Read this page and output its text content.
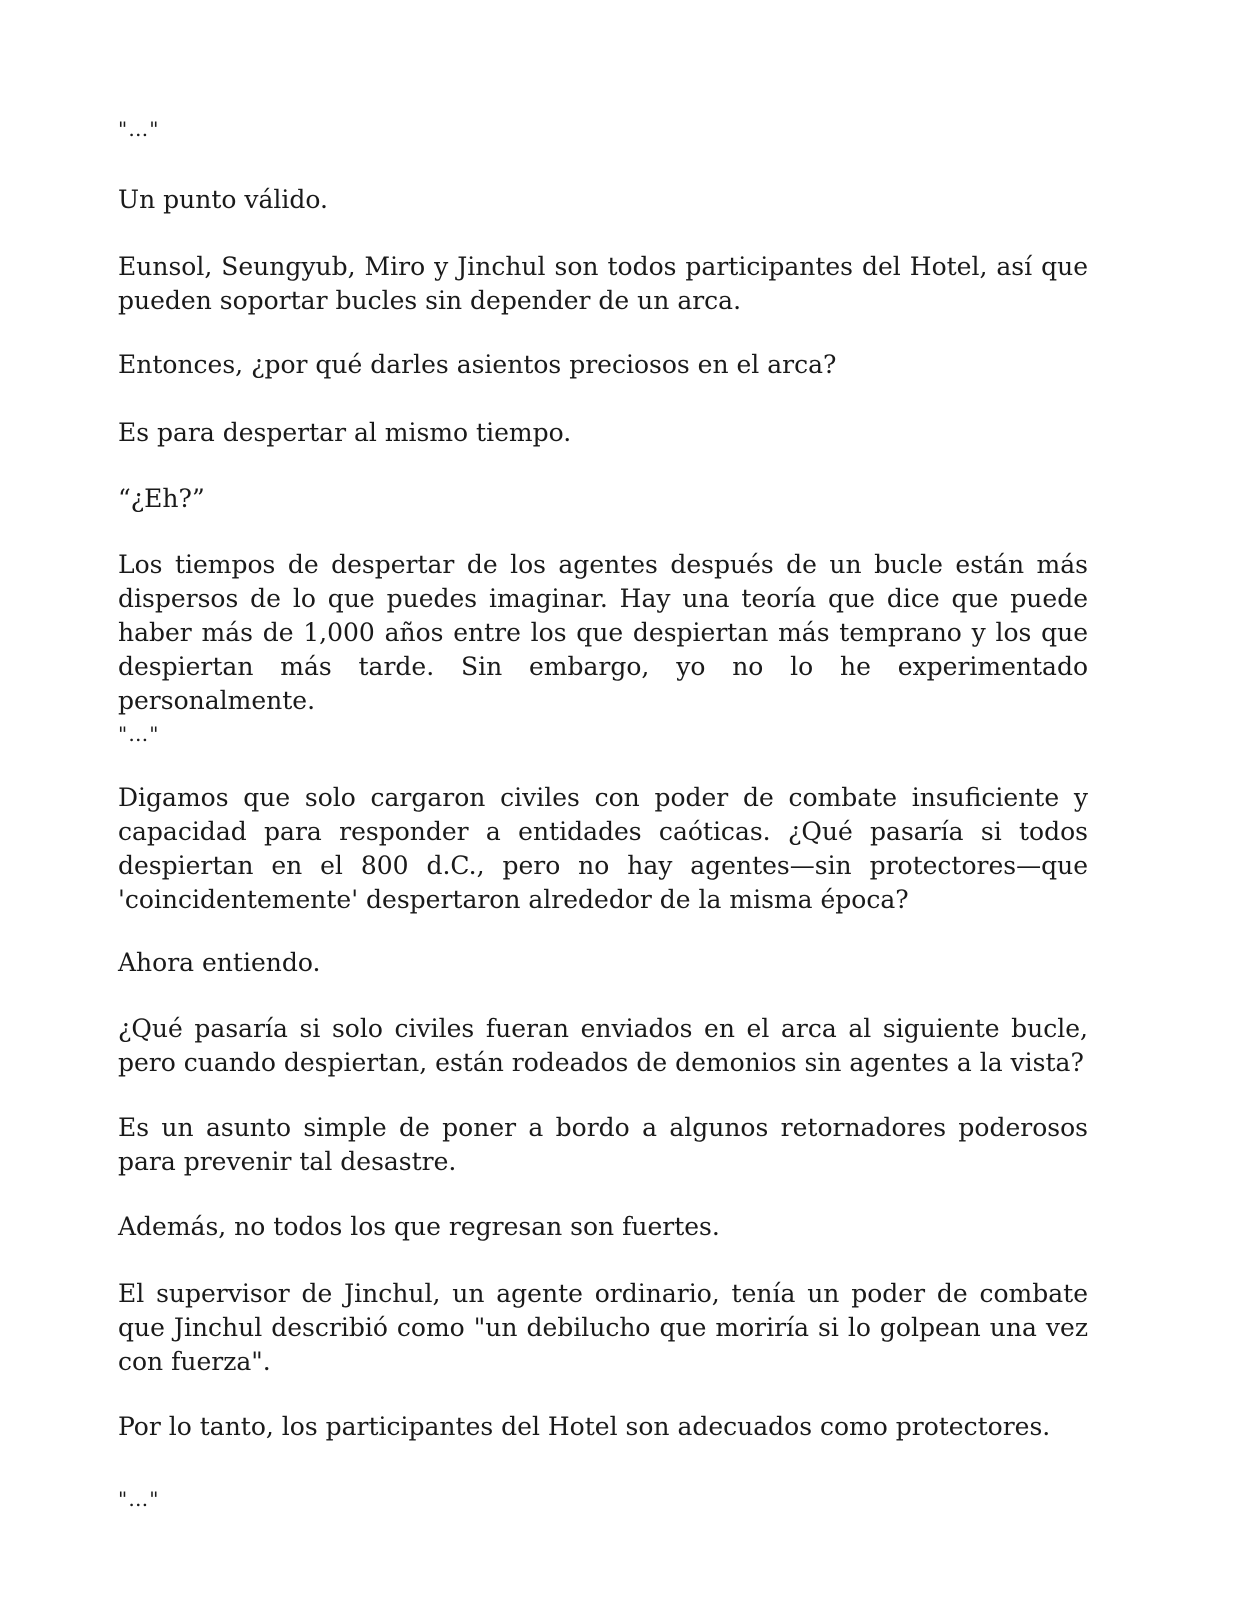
"…"

Un punto válido.

Eunsol, Seungyub, Miro y Jinchul son todos participantes del Hotel, así que pueden soportar bucles sin depender de un arca.

Entonces, ¿por qué darles asientos preciosos en el arca?

Es para despertar al mismo tiempo.

“¿Eh?”

Los tiempos de despertar de los agentes después de un bucle están más dispersos de lo que puedes imaginar. Hay una teoría que dice que puede haber más de 1,000 años entre los que despiertan más temprano y los que despiertan más tarde. Sin embargo, yo no lo he experimentado personalmente.

"…"

Digamos que solo cargaron civiles con poder de combate insuficiente y capacidad para responder a entidades caóticas. ¿Qué pasaría si todos despiertan en el 800 d.C., pero no hay agentes—sin protectores—que 'coincidentemente' despertaron alrededor de la misma época?

Ahora entiendo.

¿Qué pasaría si solo civiles fueran enviados en el arca al siguiente bucle, pero cuando despiertan, están rodeados de demonios sin agentes a la vista?

Es un asunto simple de poner a bordo a algunos retornadores poderosos para prevenir tal desastre.

Además, no todos los que regresan son fuertes.

El supervisor de Jinchul, un agente ordinario, tenía un poder de combate que Jinchul describió como "un debilucho que moriría si lo golpean una vez con fuerza".

Por lo tanto, los participantes del Hotel son adecuados como protectores.

"…"
